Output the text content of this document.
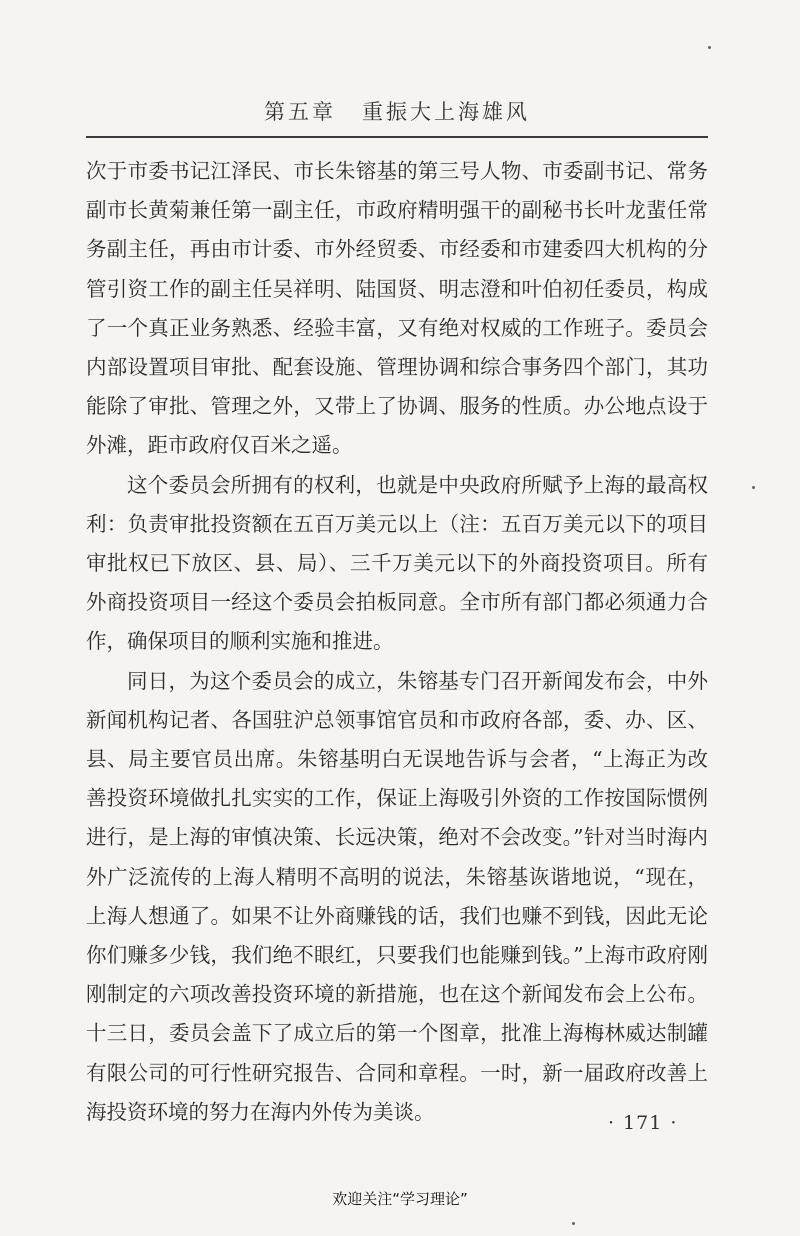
第五章 重振大上海雄风

次于市委书记江泽民、市长朱镕基的第三号人物、市委副书记、常务副市长黄菊兼任第一副主任，市政府精明强干的副秘书长叶龙蜚任常务副主任，再由市计委、市外经贸委、市经委和市建委四大机构的分管引资工作的副主任吴祥明、陆国贤、明志澄和叶伯初任委员，构成了一个真正业务熟悉、经验丰富，又有绝对权威的工作班子。委员会内部设置项目审批、配套设施、管理协调和综合事务四个部门，其功能除了审批、管理之外，又带上了协调、服务的性质。办公地点设于外滩，距市政府仅百米之遥。

这个委员会所拥有的权利，也就是中央政府所赋予上海的最高权利：负责审批投资额在五百万美元以上（注：五百万美元以下的项目审批权已下放区、县、局）、三千万美元以下的外商投资项目。所有外商投资项目一经这个委员会拍板同意。全市所有部门都必须通力合作，确保项目的顺利实施和推进。

同日，为这个委员会的成立，朱镕基专门召开新闻发布会，中外新闻机构记者、各国驻沪总领事馆官员和市政府各部，委、办、区、县、局主要官员出席。朱镕基明白无误地告诉与会者，“上海正为改善投资环境做扎扎实实的工作，保证上海吸引外资的工作按国际惯例进行，是上海的审慎决策、长远决策，绝对不会改变。”针对当时海内外广泛流传的上海人精明不高明的说法，朱镕基诙谐地说，“现在，上海人想通了。如果不让外商赚钱的话，我们也赚不到钱，因此无论你们赚多少钱，我们绝不眼红，只要我们也能赚到钱。”上海市政府刚刚制定的六项改善投资环境的新措施，也在这个新闻发布会上公布。十三日，委员会盖下了成立后的第一个图章，批准上海梅林威达制罐有限公司的可行性研究报告、合同和章程。一时，新一届政府改善上海投资环境的努力在海内外传为美谈。	· 171 ·
欢迎关注“学习理论”
